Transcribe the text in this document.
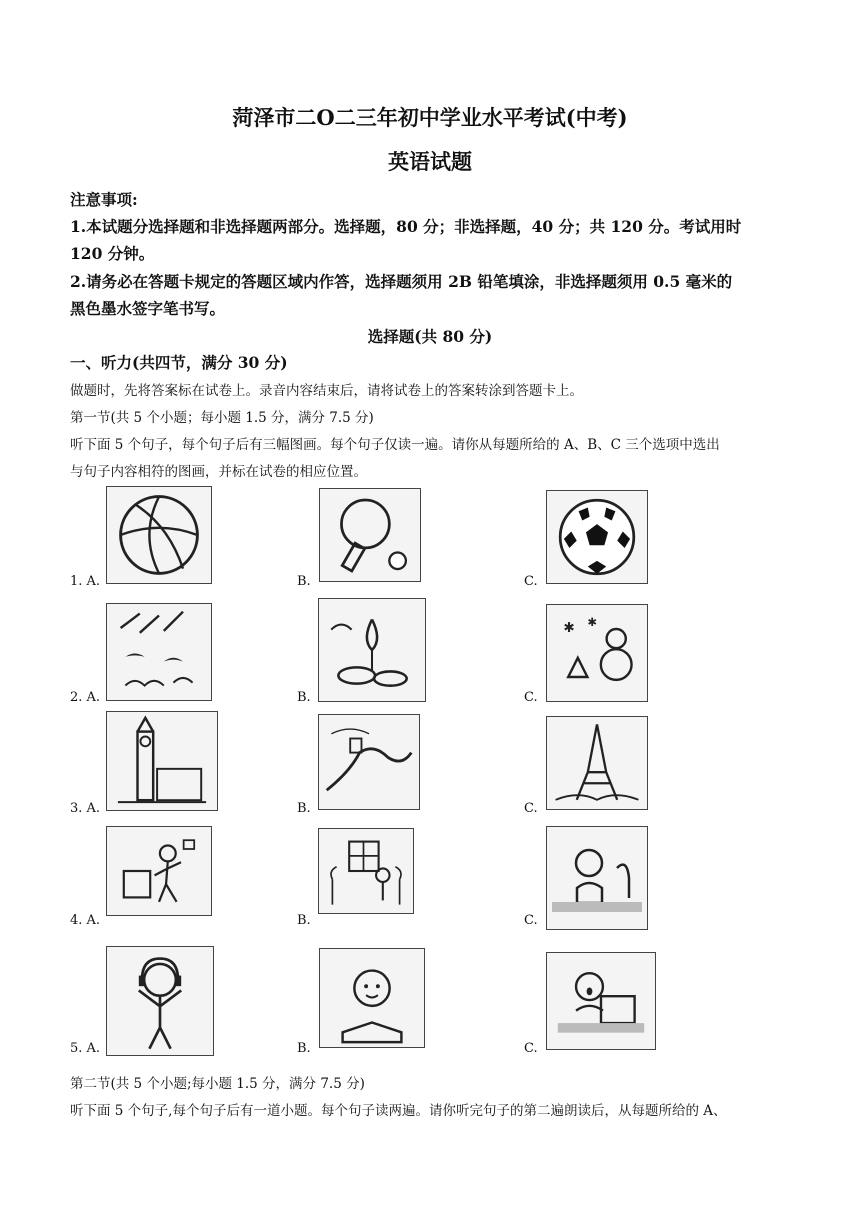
菏泽市二O二三年初中学业水平考试(中考)
英语试题
注意事项:
1.本试题分选择题和非选择题两部分。选择题，80 分；非选择题，40 分；共 120 分。考试用时
120 分钟。
2.请务必在答题卡规定的答题区域内作答，选择题须用 2B 铅笔填涂，非选择题须用 0.5 毫米的
黑色墨水签字笔书写。
选择题(共 80 分)
一、听力(共四节，满分 30 分)
做题时，先将答案标在试卷上。录音内容结束后，请将试卷上的答案转涂到答题卡上。
第一节(共 5 个小题；每小题 1.5 分，满分 7.5 分)
听下面 5 个句子，每个句子后有三幅图画。每个句子仅读一遍。请你从每题所给的 A、B、C 三个选项中选出
与句子内容相符的图画，并标在试卷的相应位置。
1. A.	B.	C.
2. A.	B.	C.
✱ ✱
3. A.	B.	C.
4. A.	B.	C.
5. A.	B.	C.
第二节(共 5 个小题;每小题 1.5 分，满分 7.5 分)
听下面 5 个句子,每个句子后有一道小题。每个句子读两遍。请你听完句子的第二遍朗读后，从每题所给的 A、
